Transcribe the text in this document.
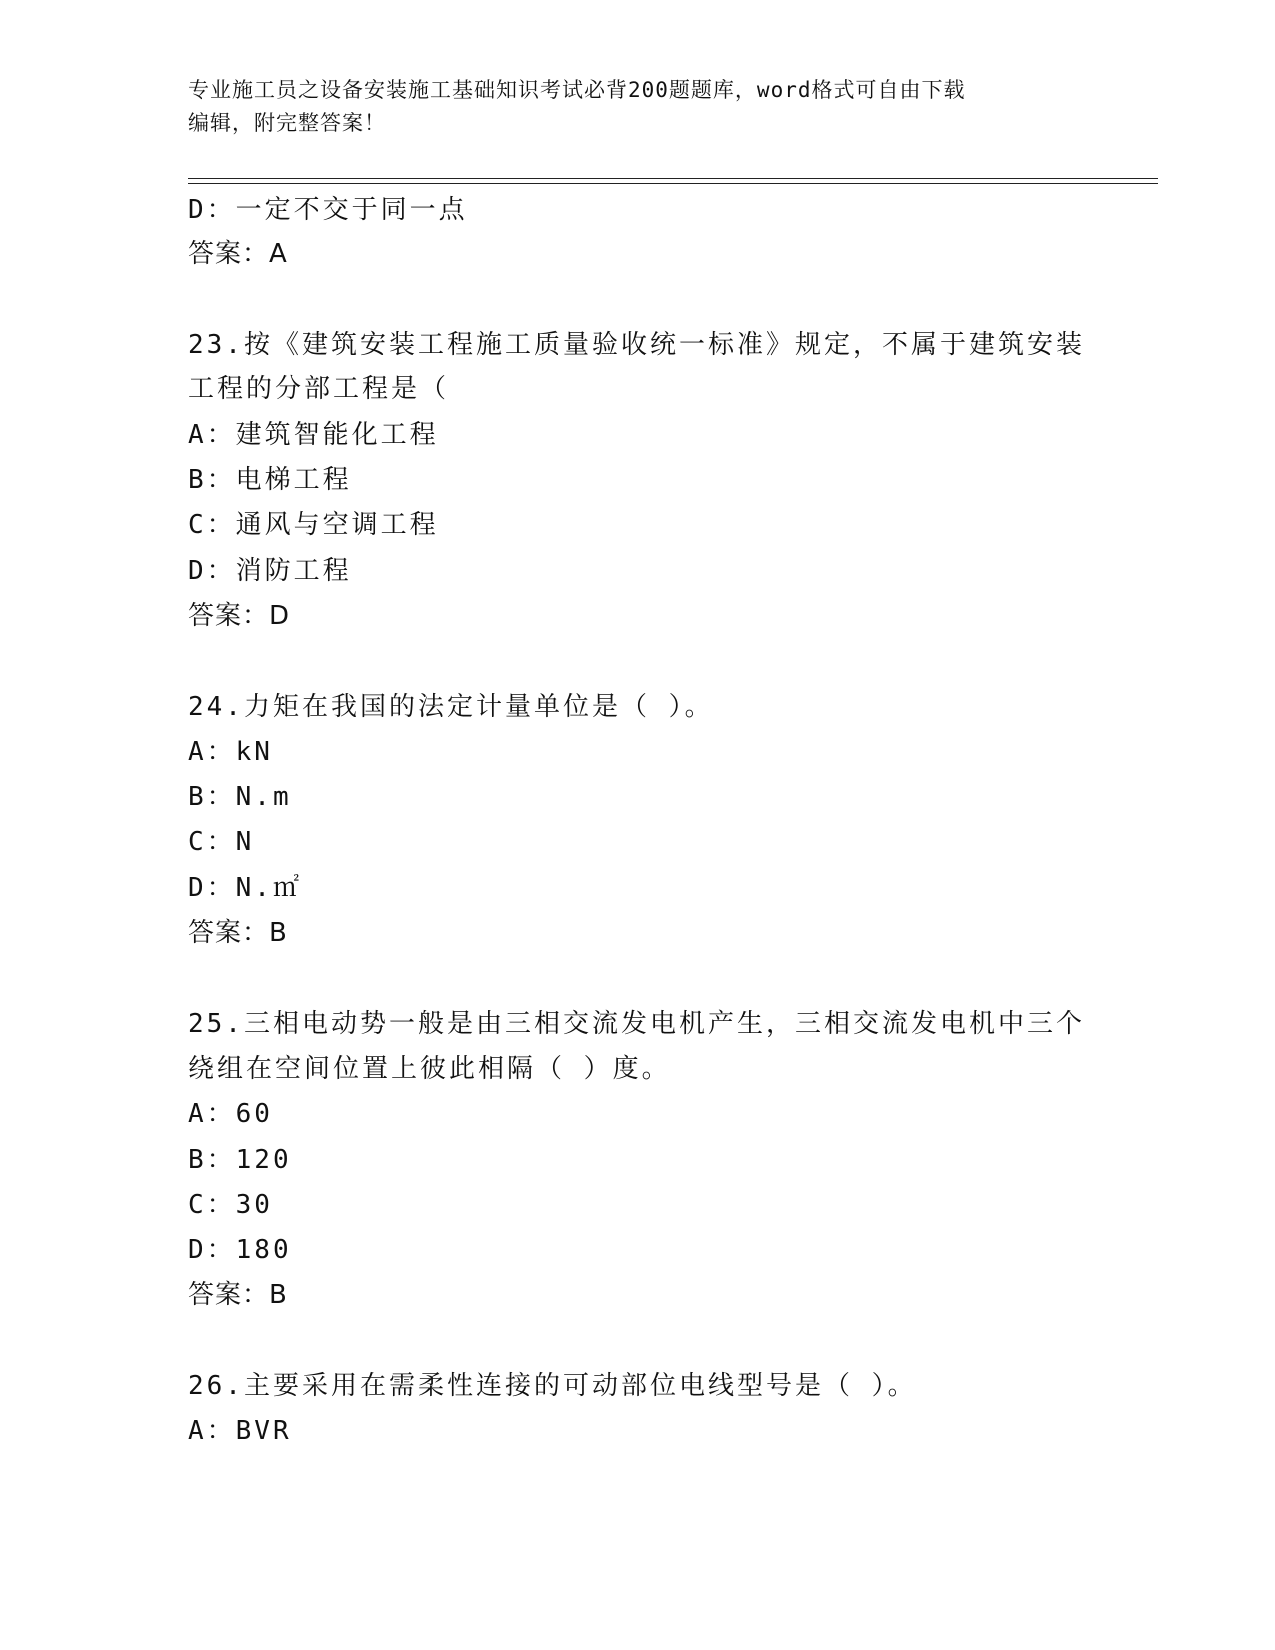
专业施工员之设备安装施工基础知识考试必背200题题库，word格式可自由下载
编辑，附完整答案！
D：一定不交于同一点
答案：A
23.按《建筑安装工程施工质量验收统一标准》规定，不属于建筑安装
工程的分部工程是（
A：建筑智能化工程
B：电梯工程
C：通风与空调工程
D：消防工程
答案：D
24.力矩在我国的法定计量单位是（ ）。
A：kN
B：N.m
C：N
D：N.㎡
答案：B
25.三相电动势一般是由三相交流发电机产生，三相交流发电机中三个
绕组在空间位置上彼此相隔（ ）度。
A：60
B：120
C：30
D：180
答案：B
26.主要采用在需柔性连接的可动部位电线型号是（ ）。
A：BVR
